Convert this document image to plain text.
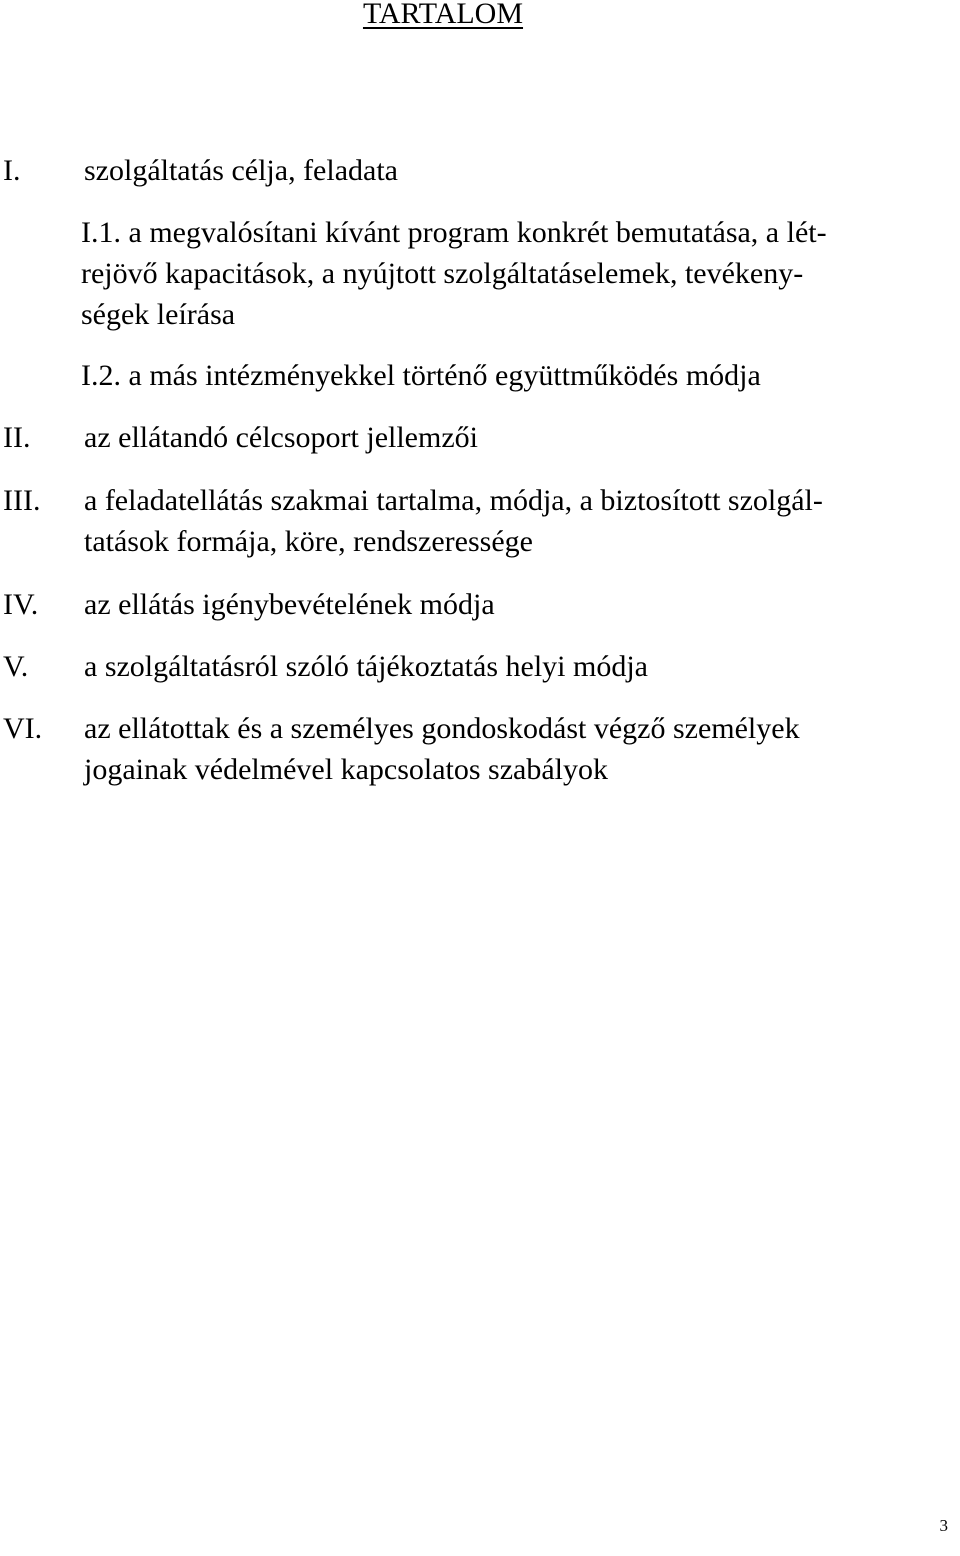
TARTALOM
I.	szolgáltatás célja, feladata
I.1. a megvalósítani kívánt program konkrét bemutatása, a lét-
rejövő kapacitások, a nyújtott szolgáltatáselemek, tevékeny-
ségek leírása
I.2. a más intézményekkel történő együttműködés módja
II.	az ellátandó célcsoport jellemzői
III.	a feladatellátás szakmai tartalma, módja, a biztosított szolgál-
tatások formája, köre, rendszeressége
IV.	az ellátás igénybevételének módja
V.	a szolgáltatásról szóló tájékoztatás helyi módja
VI.	az ellátottak és a személyes gondoskodást végző személyek
jogainak védelmével kapcsolatos szabályok
3
